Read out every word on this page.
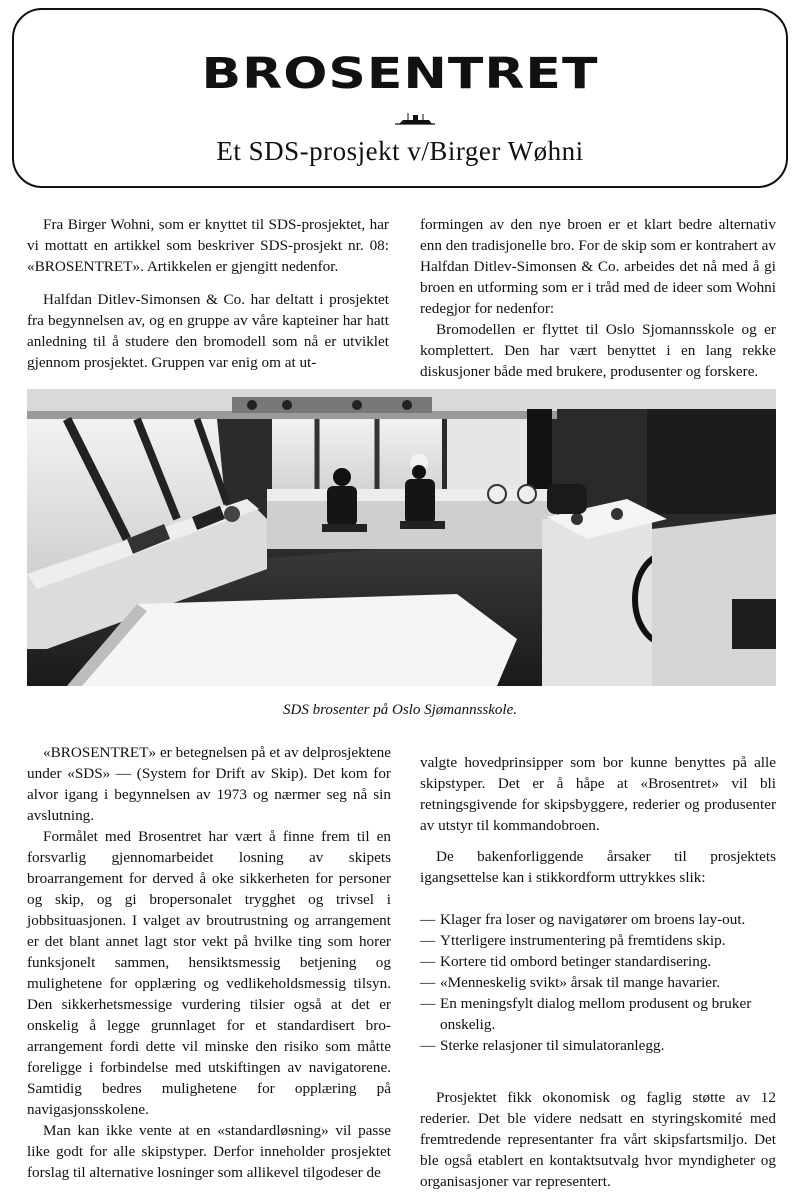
BROSENTRET
Et SDS-prosjekt v/Birger Wøhni

Fra Birger Wohni, som er knyttet til SDS-prosjektet, har vi mottatt en artikkel som beskriver SDS-prosjekt nr. 08: «BROSENTRET». Artikkelen er gjengitt nedenfor.

Halfdan Ditlev-Simonsen & Co. har deltatt i prosjektet fra begynnelsen av, og en gruppe av våre kapteiner har hatt anledning til å studere den bromodell som nå er utviklet gjennom prosjektet. Gruppen var enig om at ut-

formingen av den nye broen er et klart bedre alternativ enn den tradisjonelle bro. For de skip som er kontrahert av Halfdan Ditlev-Simonsen & Co. arbeides det nå med å gi broen en utforming som er i tråd med de ideer som Wohni redegjor for nedenfor:

Bromodellen er flyttet til Oslo Sjomannsskole og er komplettert. Den har vært benyttet i en lang rekke diskusjoner både med brukere, produsenter og forskere.

SDS brosenter på Oslo Sjømannsskole.

«BROSENTRET» er betegnelsen på et av delprosjektene under «SDS» — (System for Drift av Skip). Det kom for alvor igang i begynnelsen av 1973 og nærmer seg nå sin avslutning.

Formålet med Brosentret har vært å finne frem til en forsvarlig gjennomarbeidet losning av skipets broarrangement for derved å oke sikkerheten for personer og skip, og gi bropersonalet trygghet og trivsel i jobbsituasjonen. I valget av broutrustning og arrangement er det blant annet lagt stor vekt på hvilke ting som horer funksjonelt sammen, hensiktsmessig betjening og mulighetene for opplæring og vedlikeholdsmessig tilsyn. Den sikkerhetsmessige vurdering tilsier også at det er onskelig å legge grunnlaget for et standardisert bro-arrangement fordi dette vil minske den risiko som måtte foreligge i forbindelse med utskiftingen av navigatorene. Samtidig bedres mulighetene for opplæring på navigasjonsskolene.

Man kan ikke vente at en «standardløsning» vil passe like godt for alle skipstyper. Derfor inneholder prosjektet forslag til alternative losninger som allikevel tilgodeser de

valgte hovedprinsipper som bor kunne benyttes på alle skipstyper. Det er å håpe at «Brosentret» vil bli retningsgivende for skipsbyggere, rederier og produsenter av utstyr til kommandobroen.

De bakenforliggende årsaker til prosjektets igangsettelse kan i stikkordform uttrykkes slik:

— Klager fra loser og navigatører om broens lay-out.
— Ytterligere instrumentering på fremtidens skip.
— Kortere tid ombord betinger standardisering.
— «Menneskelig svikt» årsak til mange havarier.
— En meningsfylt dialog mellom produsent og bruker onskelig.
— Sterke relasjoner til simulatoranlegg.

Prosjektet fikk okonomisk og faglig støtte av 12 rederier. Det ble videre nedsatt en styringskomité med fremtredende representanter fra vårt skipsfartsmiljo. Det ble også etablert en kontaktsutvalg hvor myndigheter og organisasjoner var representert.
